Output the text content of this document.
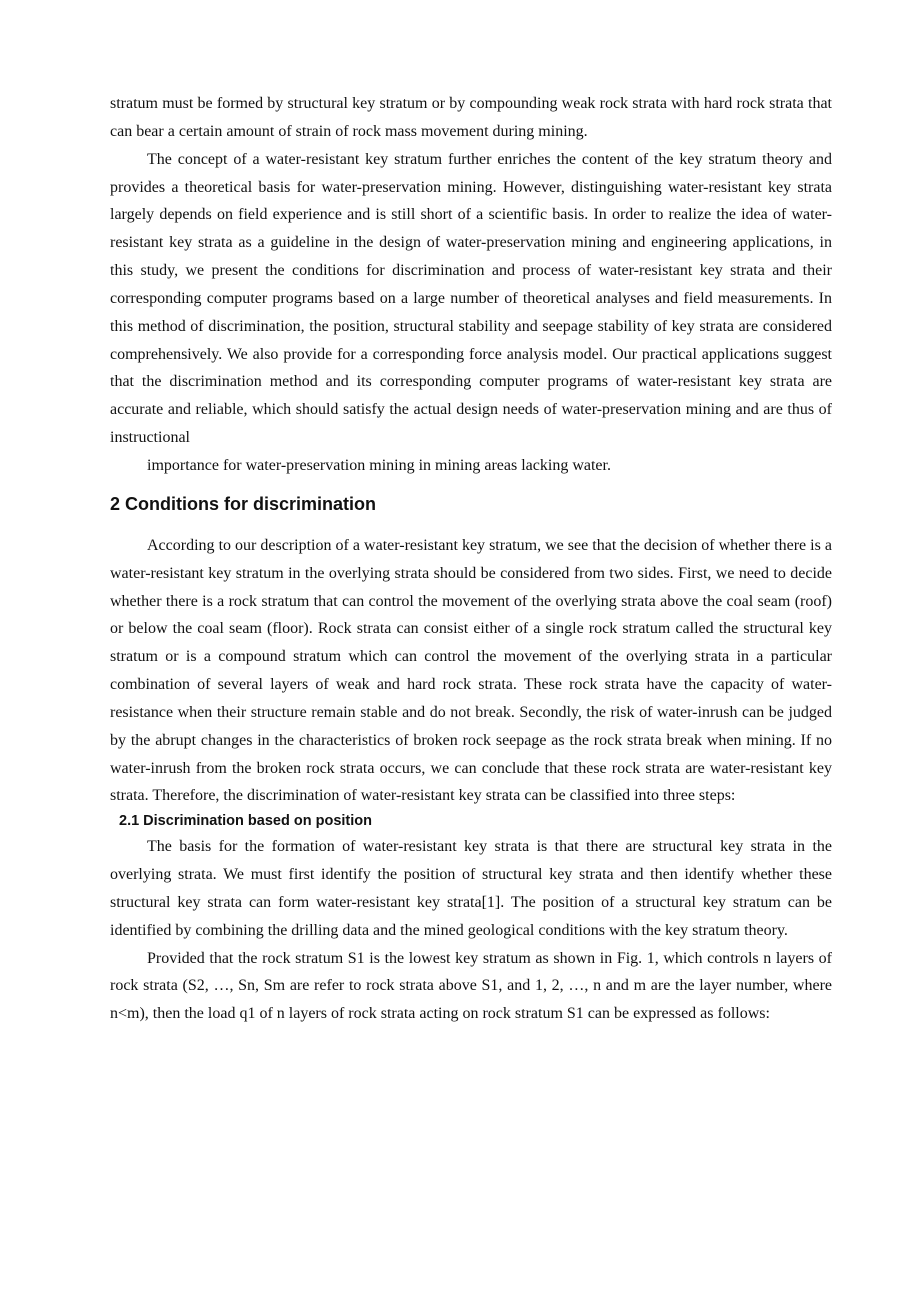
stratum must be formed by structural key stratum or by compounding weak rock strata with hard rock strata that can bear a certain amount of strain of rock mass movement during mining.

The concept of a water-resistant key stratum further enriches the content of the key stratum theory and provides a theoretical basis for water-preservation mining. However, distinguishing water-resistant key strata largely depends on field experience and is still short of a scientific basis. In order to realize the idea of water-resistant key strata as a guideline in the design of water-preservation mining and engineering applications, in this study, we present the conditions for discrimination and process of water-resistant key strata and their corresponding computer programs based on a large number of theoretical analyses and field measurements. In this method of discrimination, the position, structural stability and seepage stability of key strata are considered comprehensively. We also provide for a corresponding force analysis model. Our practical applications suggest that the discrimination method and its corresponding computer programs of water-resistant key strata are accurate and reliable, which should satisfy the actual design needs of water-preservation mining and are thus of instructional

importance for water-preservation mining in mining areas lacking water.

2 Conditions for discrimination

According to our description of a water-resistant key stratum, we see that the decision of whether there is a water-resistant key stratum in the overlying strata should be considered from two sides. First, we need to decide whether there is a rock stratum that can control the movement of the overlying strata above the coal seam (roof) or below the coal seam (floor). Rock strata can consist either of a single rock stratum called the structural key stratum or is a compound stratum which can control the movement of the overlying strata in a particular combination of several layers of weak and hard rock strata. These rock strata have the capacity of water-resistance when their structure remain stable and do not break. Secondly, the risk of water-inrush can be judged by the abrupt changes in the characteristics of broken rock seepage as the rock strata break when mining. If no water-inrush from the broken rock strata occurs, we can conclude that these rock strata are water-resistant key strata. Therefore, the discrimination of water-resistant key strata can be classified into three steps:

2.1 Discrimination based on position

The basis for the formation of water-resistant key strata is that there are structural key strata in the overlying strata. We must first identify the position of structural key strata and then identify whether these structural key strata can form water-resistant key strata[1]. The position of a structural key stratum can be identified by combining the drilling data and the mined geological conditions with the key stratum theory.

Provided that the rock stratum S1 is the lowest key stratum as shown in Fig. 1, which controls n layers of rock strata (S2, …, Sn, Sm are refer to rock strata above S1, and 1, 2, …, n and m are the layer number, where n<m), then the load q1 of n layers of rock strata acting on rock stratum S1 can be expressed as follows:
